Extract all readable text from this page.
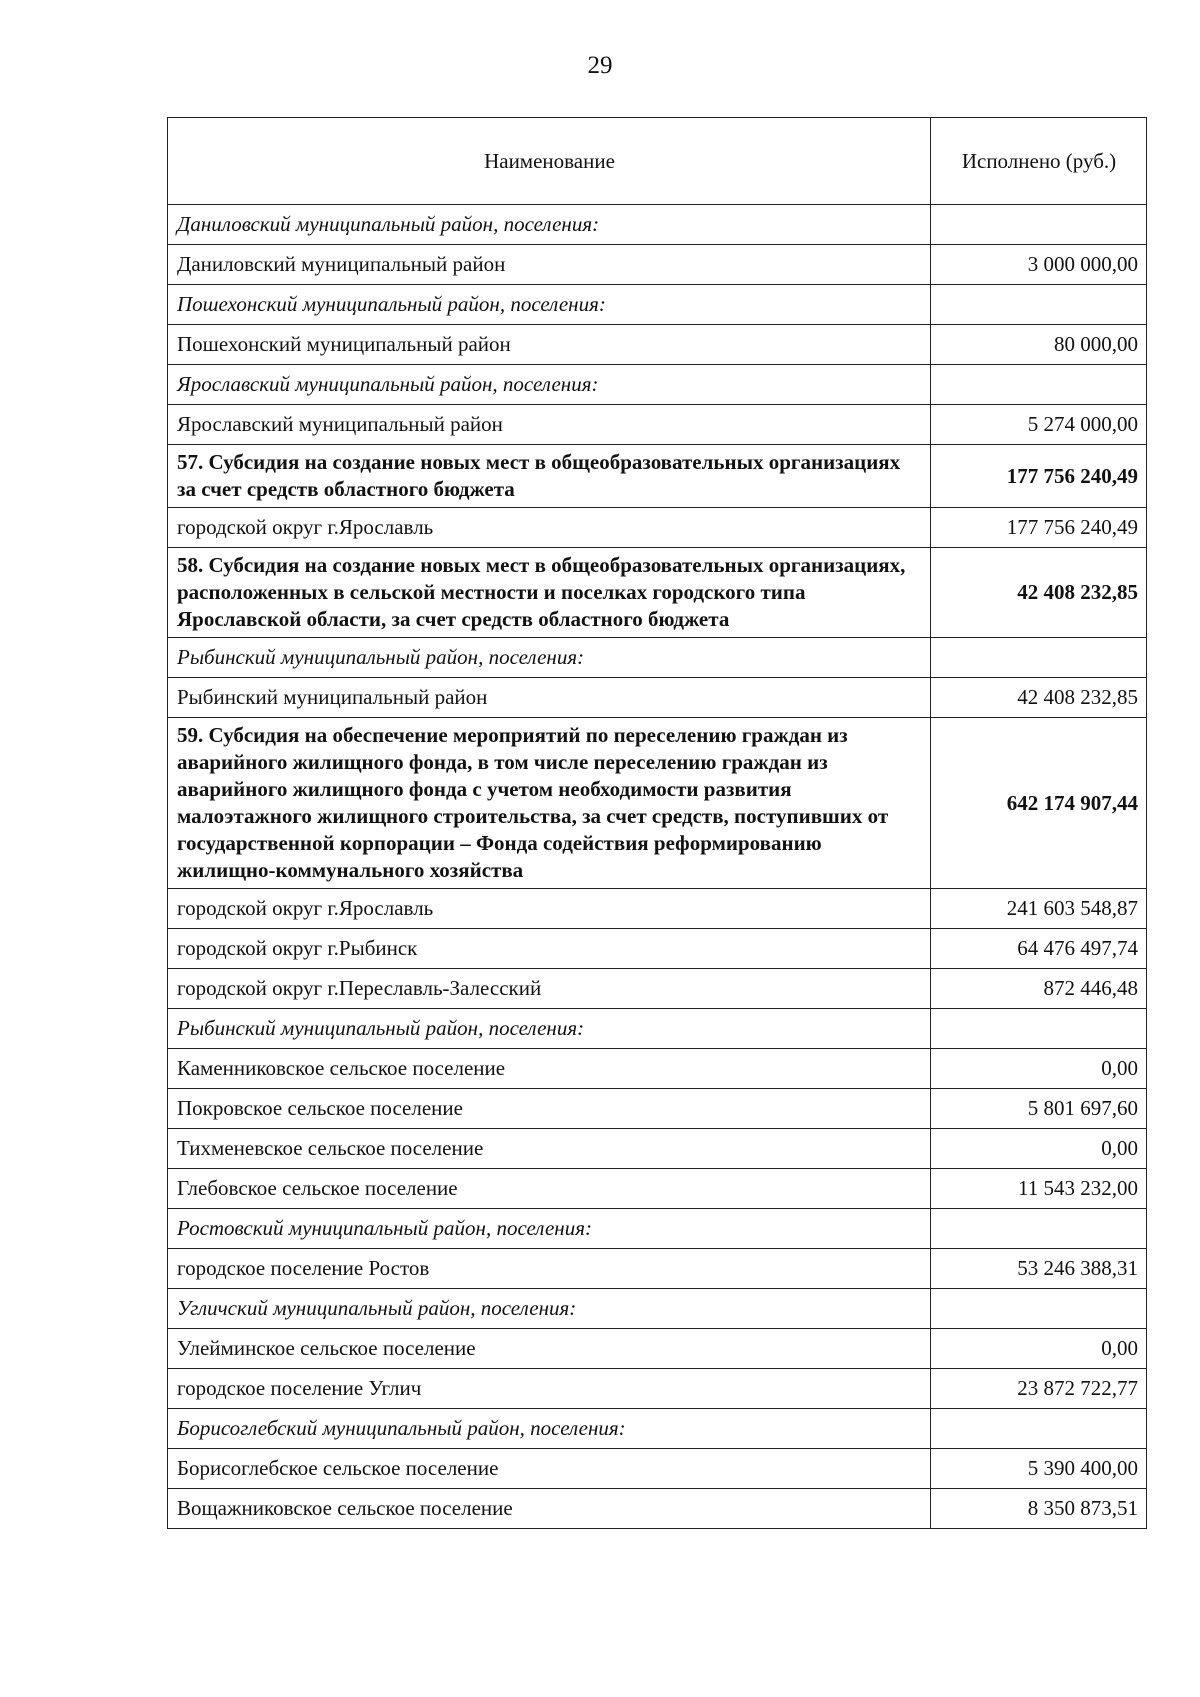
29
Наименование	Исполнено (руб.)
Даниловский муниципальный район, поселения:	
Даниловский муниципальный район	3 000 000,00
Пошехонский муниципальный район, поселения:	
Пошехонский муниципальный район	80 000,00
Ярославский муниципальный район, поселения:	
Ярославский муниципальный район	5 274 000,00
57. Субсидия на создание новых мест в общеобразовательных организациях за счет средств областного бюджета	177 756 240,49
городской округ г.Ярославль	177 756 240,49
58. Субсидия на создание новых мест в общеобразовательных организациях, расположенных в сельской местности и поселках городского типа Ярославской области, за счет средств областного бюджета	42 408 232,85
Рыбинский муниципальный район, поселения:	
Рыбинский муниципальный район	42 408 232,85
59. Субсидия на обеспечение мероприятий по переселению граждан из аварийного жилищного фонда, в том числе переселению граждан из аварийного жилищного фонда с учетом необходимости развития малоэтажного жилищного строительства, за счет средств, поступивших от государственной корпорации – Фонда содействия реформированию жилищно-коммунального хозяйства	642 174 907,44
городской округ г.Ярославль	241 603 548,87
городской округ г.Рыбинск	64 476 497,74
городской округ г.Переславль-Залесский	872 446,48
Рыбинский муниципальный район, поселения:	
Каменниковское сельское поселение	0,00
Покровское сельское поселение	5 801 697,60
Тихменевское сельское поселение	0,00
Глебовское сельское поселение	11 543 232,00
Ростовский муниципальный район, поселения:	
городское поселение Ростов	53 246 388,31
Угличский муниципальный район, поселения:	
Улейминское сельское поселение	0,00
городское поселение Углич	23 872 722,77
Борисоглебский муниципальный район, поселения:	
Борисоглебское сельское поселение	5 390 400,00
Вощажниковское сельское поселение	8 350 873,51
